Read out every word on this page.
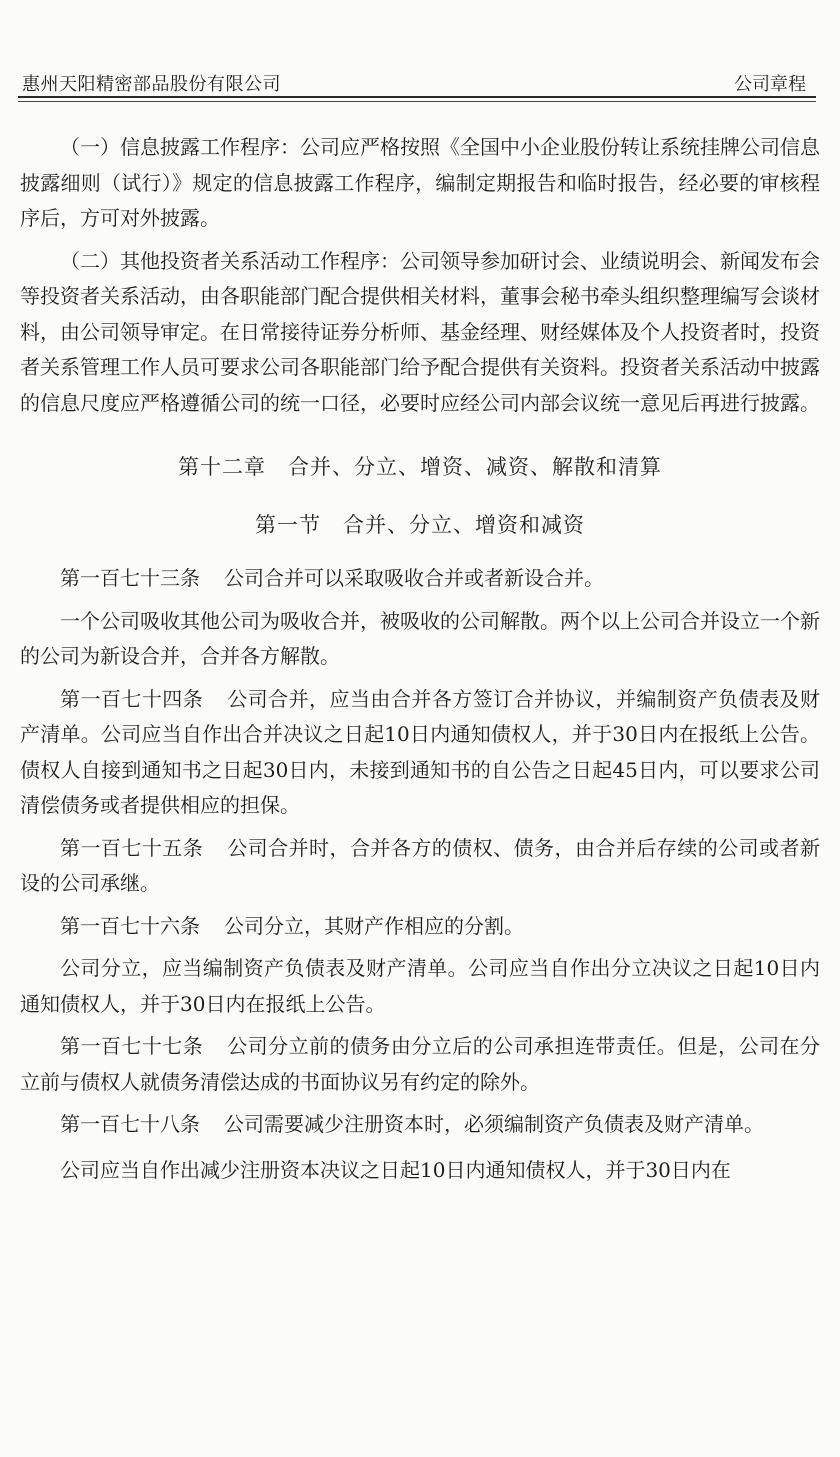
惠州天阳精密部品股份有限公司	公司章程

（一）信息披露工作程序：公司应严格按照《全国中小企业股份转让系统挂牌公司信息披露细则（试行）》规定的信息披露工作程序，编制定期报告和临时报告，经必要的审核程序后，方可对外披露。

（二）其他投资者关系活动工作程序：公司领导参加研讨会、业绩说明会、新闻发布会等投资者关系活动，由各职能部门配合提供相关材料，董事会秘书牵头组织整理编写会谈材料，由公司领导审定。在日常接待证券分析师、基金经理、财经媒体及个人投资者时，投资者关系管理工作人员可要求公司各职能部门给予配合提供有关资料。投资者关系活动中披露的信息尺度应严格遵循公司的统一口径，必要时应经公司内部会议统一意见后再进行披露。

第十二章  合并、分立、增资、减资、解散和清算
第一节  合并、分立、增资和减资

第一百七十三条 公司合并可以采取吸收合并或者新设合并。

一个公司吸收其他公司为吸收合并，被吸收的公司解散。两个以上公司合并设立一个新的公司为新设合并，合并各方解散。

第一百七十四条 公司合并，应当由合并各方签订合并协议，并编制资产负债表及财产清单。公司应当自作出合并决议之日起10日内通知债权人，并于30日内在报纸上公告。债权人自接到通知书之日起30日内，未接到通知书的自公告之日起45日内，可以要求公司清偿债务或者提供相应的担保。

第一百七十五条 公司合并时，合并各方的债权、债务，由合并后存续的公司或者新设的公司承继。

第一百七十六条 公司分立，其财产作相应的分割。

公司分立，应当编制资产负债表及财产清单。公司应当自作出分立决议之日起10日内通知债权人，并于30日内在报纸上公告。

第一百七十七条 公司分立前的债务由分立后的公司承担连带责任。但是，公司在分立前与债权人就债务清偿达成的书面协议另有约定的除外。

第一百七十八条 公司需要减少注册资本时，必须编制资产负债表及财产清单。

公司应当自作出减少注册资本决议之日起10日内通知债权人，并于30日内在
